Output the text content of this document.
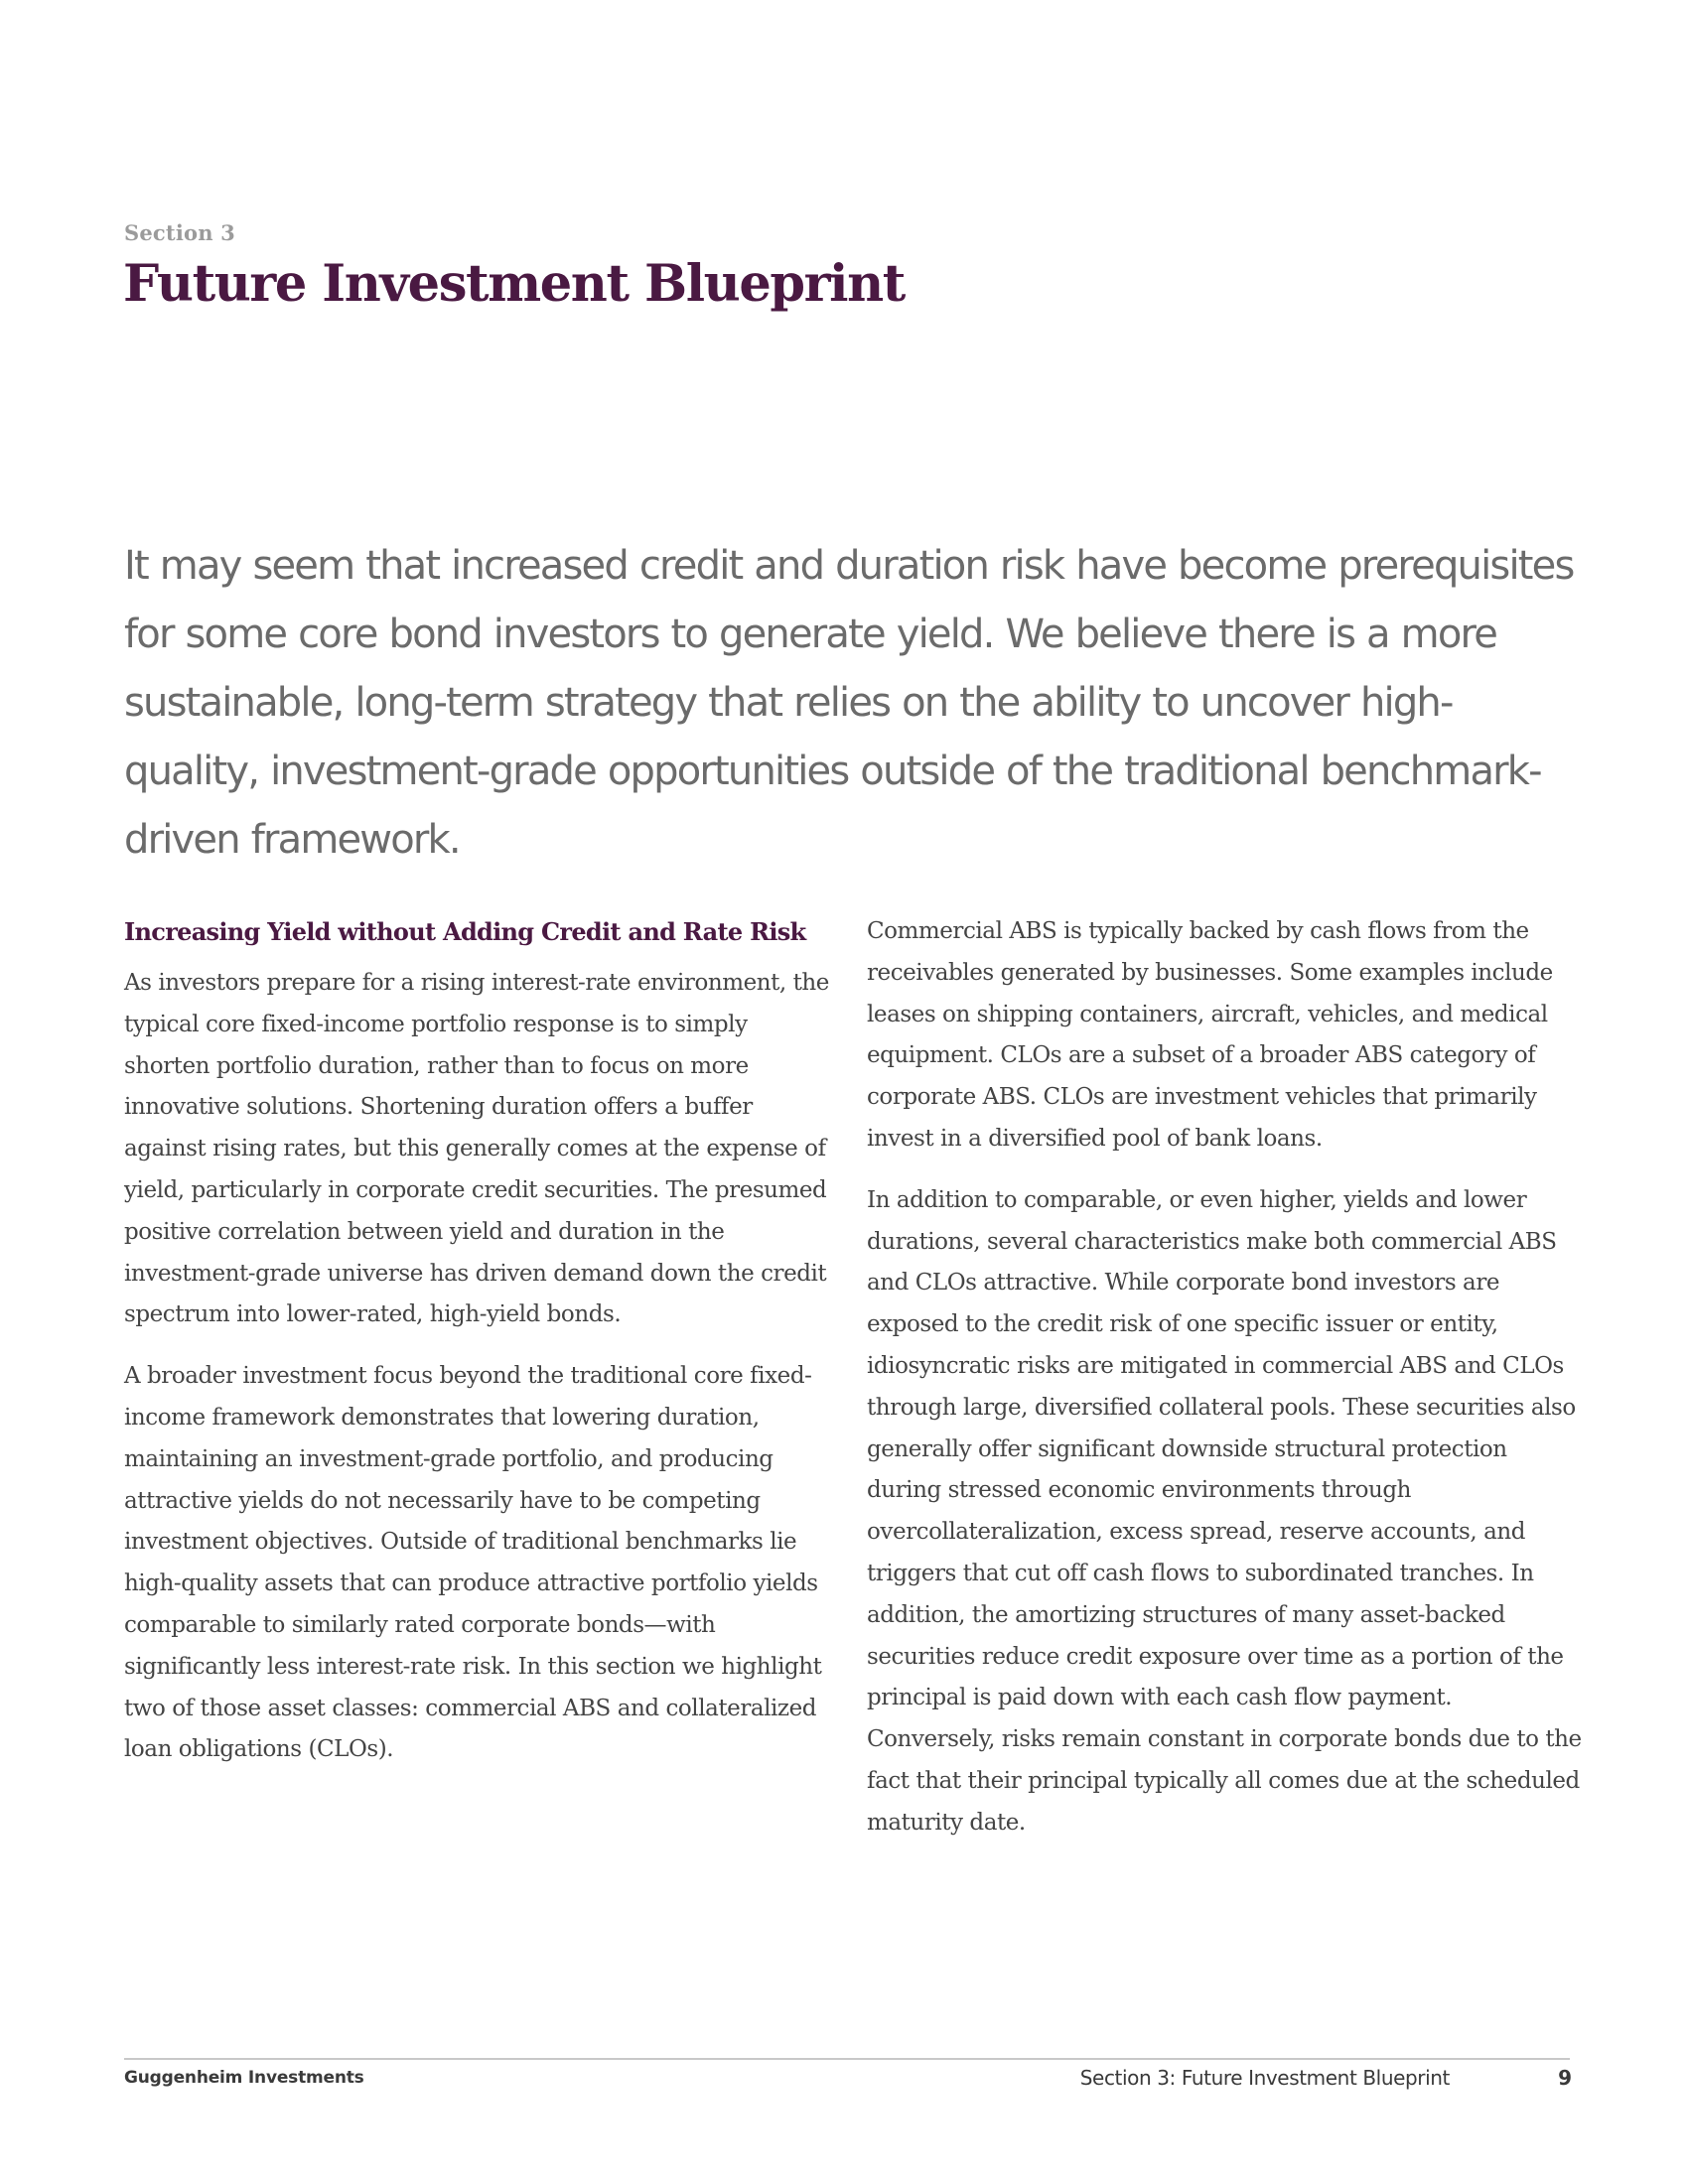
Section 3
Future Investment Blueprint

It may seem that increased credit and duration risk have become prerequisites for some core bond investors to generate yield. We believe there is a more sustainable, long-term strategy that relies on the ability to uncover high-quality, investment-grade opportunities outside of the traditional benchmark-driven framework.

Increasing Yield without Adding Credit and Rate Risk

As investors prepare for a rising interest-rate environment, the typical core fixed-income portfolio response is to simply shorten portfolio duration, rather than to focus on more innovative solutions. Shortening duration offers a buffer against rising rates, but this generally comes at the expense of yield, particularly in corporate credit securities. The presumed positive correlation between yield and duration in the investment-grade universe has driven demand down the credit spectrum into lower-rated, high-yield bonds.

A broader investment focus beyond the traditional core fixed-income framework demonstrates that lowering duration, maintaining an investment-grade portfolio, and producing attractive yields do not necessarily have to be competing investment objectives. Outside of traditional benchmarks lie high-quality assets that can produce attractive portfolio yields comparable to similarly rated corporate bonds—with significantly less interest-rate risk. In this section we highlight two of those asset classes: commercial ABS and collateralized loan obligations (CLOs).

Commercial ABS is typically backed by cash flows from the receivables generated by businesses. Some examples include leases on shipping containers, aircraft, vehicles, and medical equipment. CLOs are a subset of a broader ABS category of corporate ABS. CLOs are investment vehicles that primarily invest in a diversified pool of bank loans.

In addition to comparable, or even higher, yields and lower durations, several characteristics make both commercial ABS and CLOs attractive. While corporate bond investors are exposed to the credit risk of one specific issuer or entity, idiosyncratic risks are mitigated in commercial ABS and CLOs through large, diversified collateral pools. These securities also generally offer significant downside structural protection during stressed economic environments through overcollateralization, excess spread, reserve accounts, and triggers that cut off cash flows to subordinated tranches. In addition, the amortizing structures of many asset-backed securities reduce credit exposure over time as a portion of the principal is paid down with each cash flow payment. Conversely, risks remain constant in corporate bonds due to the fact that their principal typically all comes due at the scheduled maturity date.

Guggenheim Investments	Section 3: Future Investment Blueprint	9
